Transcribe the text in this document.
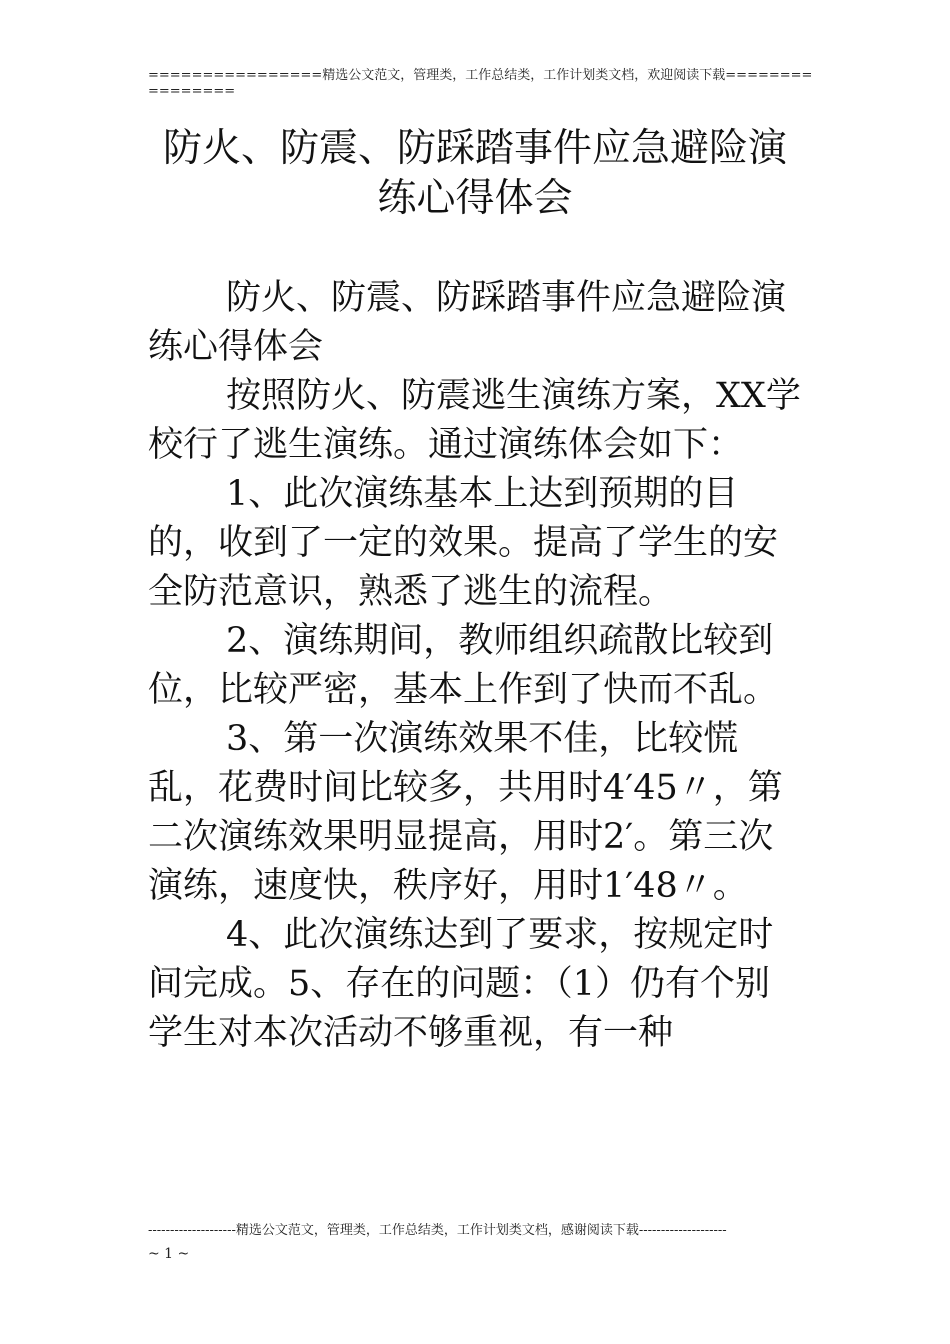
================精选公文范文，管理类，工作总结类，工作计划类文档，欢迎阅读下载================
防火、防震、防踩踏事件应急避险演练心得体会

防火、防震、防踩踏事件应急避险演练心得体会

按照防火、防震逃生演练方案，XX学校行了逃生演练。通过演练体会如下：

1、此次演练基本上达到预期的目的，收到了一定的效果。提高了学生的安全防范意识，熟悉了逃生的流程。

2、演练期间，教师组织疏散比较到位，比较严密，基本上作到了快而不乱。

3、第一次演练效果不佳，比较慌乱，花费时间比较多，共用时4′45〃，第二次演练效果明显提高，用时2′。第三次演练，速度快，秩序好，用时1′48〃。

4、此次演练达到了要求，按规定时间完成。5、存在的问题：（1）仍有个别学生对本次活动不够重视，有一种

--------------------精选公文范文，管理类，工作总结类，工作计划类文档，感谢阅读下载--------------------
~ 1 ~
